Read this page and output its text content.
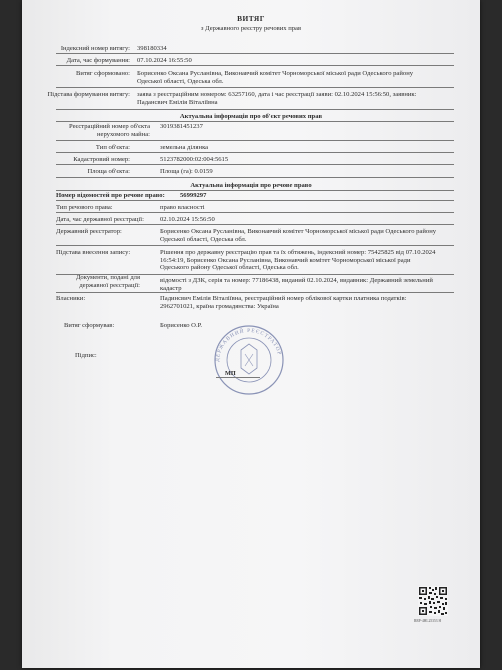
ВИТЯГ
з Державного реєстру речових прав
Індексний номер витягу: 398180334
Дата, час формування: 07.10.2024 16:55:50
Витяг сформовано: Борисенко Оксана Русланівна, Виконавчий комітет Чорноморської міської ради Одеського району Одеської області, Одеська обл.
Підстава формування витягу: заява з реєстраційним номером: 63257160, дата і час реєстрації заяви: 02.10.2024 15:56:50, заявник: Падансвич Емілія Віталіївна
Актуальна інформація про об'єкт речових прав
Реєстраційний номер об'єкта нерухомого майна:
3019381451237
Тип об'єкта:	земельна ділянка
Кадастровий номер:	5123782000:02:004:5615
Площа об'єкта:	Площа (га): 0.0159
Актуальна інформація про речове право
Номер відомостей про речове право: 56999297
Тип речового права:	право власності
Дата, час державної реєстрації: 02.10.2024 15:56:50
Державний реєстратор:	Борисенко Оксана Русланівна, Виконавчий комітет Чорноморської міської ради Одеського району Одеської області, Одеська обл.
Підстава внесення запису:	Рішення про державну реєстрацію прав та їх обтяжень, індексний номер: 75425825 від 07.10.2024 16:54:19, Борисенко Оксана Русланівна, Виконавчий комітет Чорноморської міської ради Одеського району Одеської області, Одеська обл.
Документи, подані для державної реєстрації:
відомості з ДЗК, серія та номер: 77186438, виданий 02.10.2024, видавник: Державний земельний кадастр
Власники:	Падинсвич Емілія Віталіївна, реєстраційний номер облікової картки платника податків: 2962701021, країна громадянства: Україна
Витяг сформував:	Борисенко О.Р.
ДЕРЖАВНИЙ РЕЄСТРАТОР
МП
Підпис:
RRP-4HL25353 Н
